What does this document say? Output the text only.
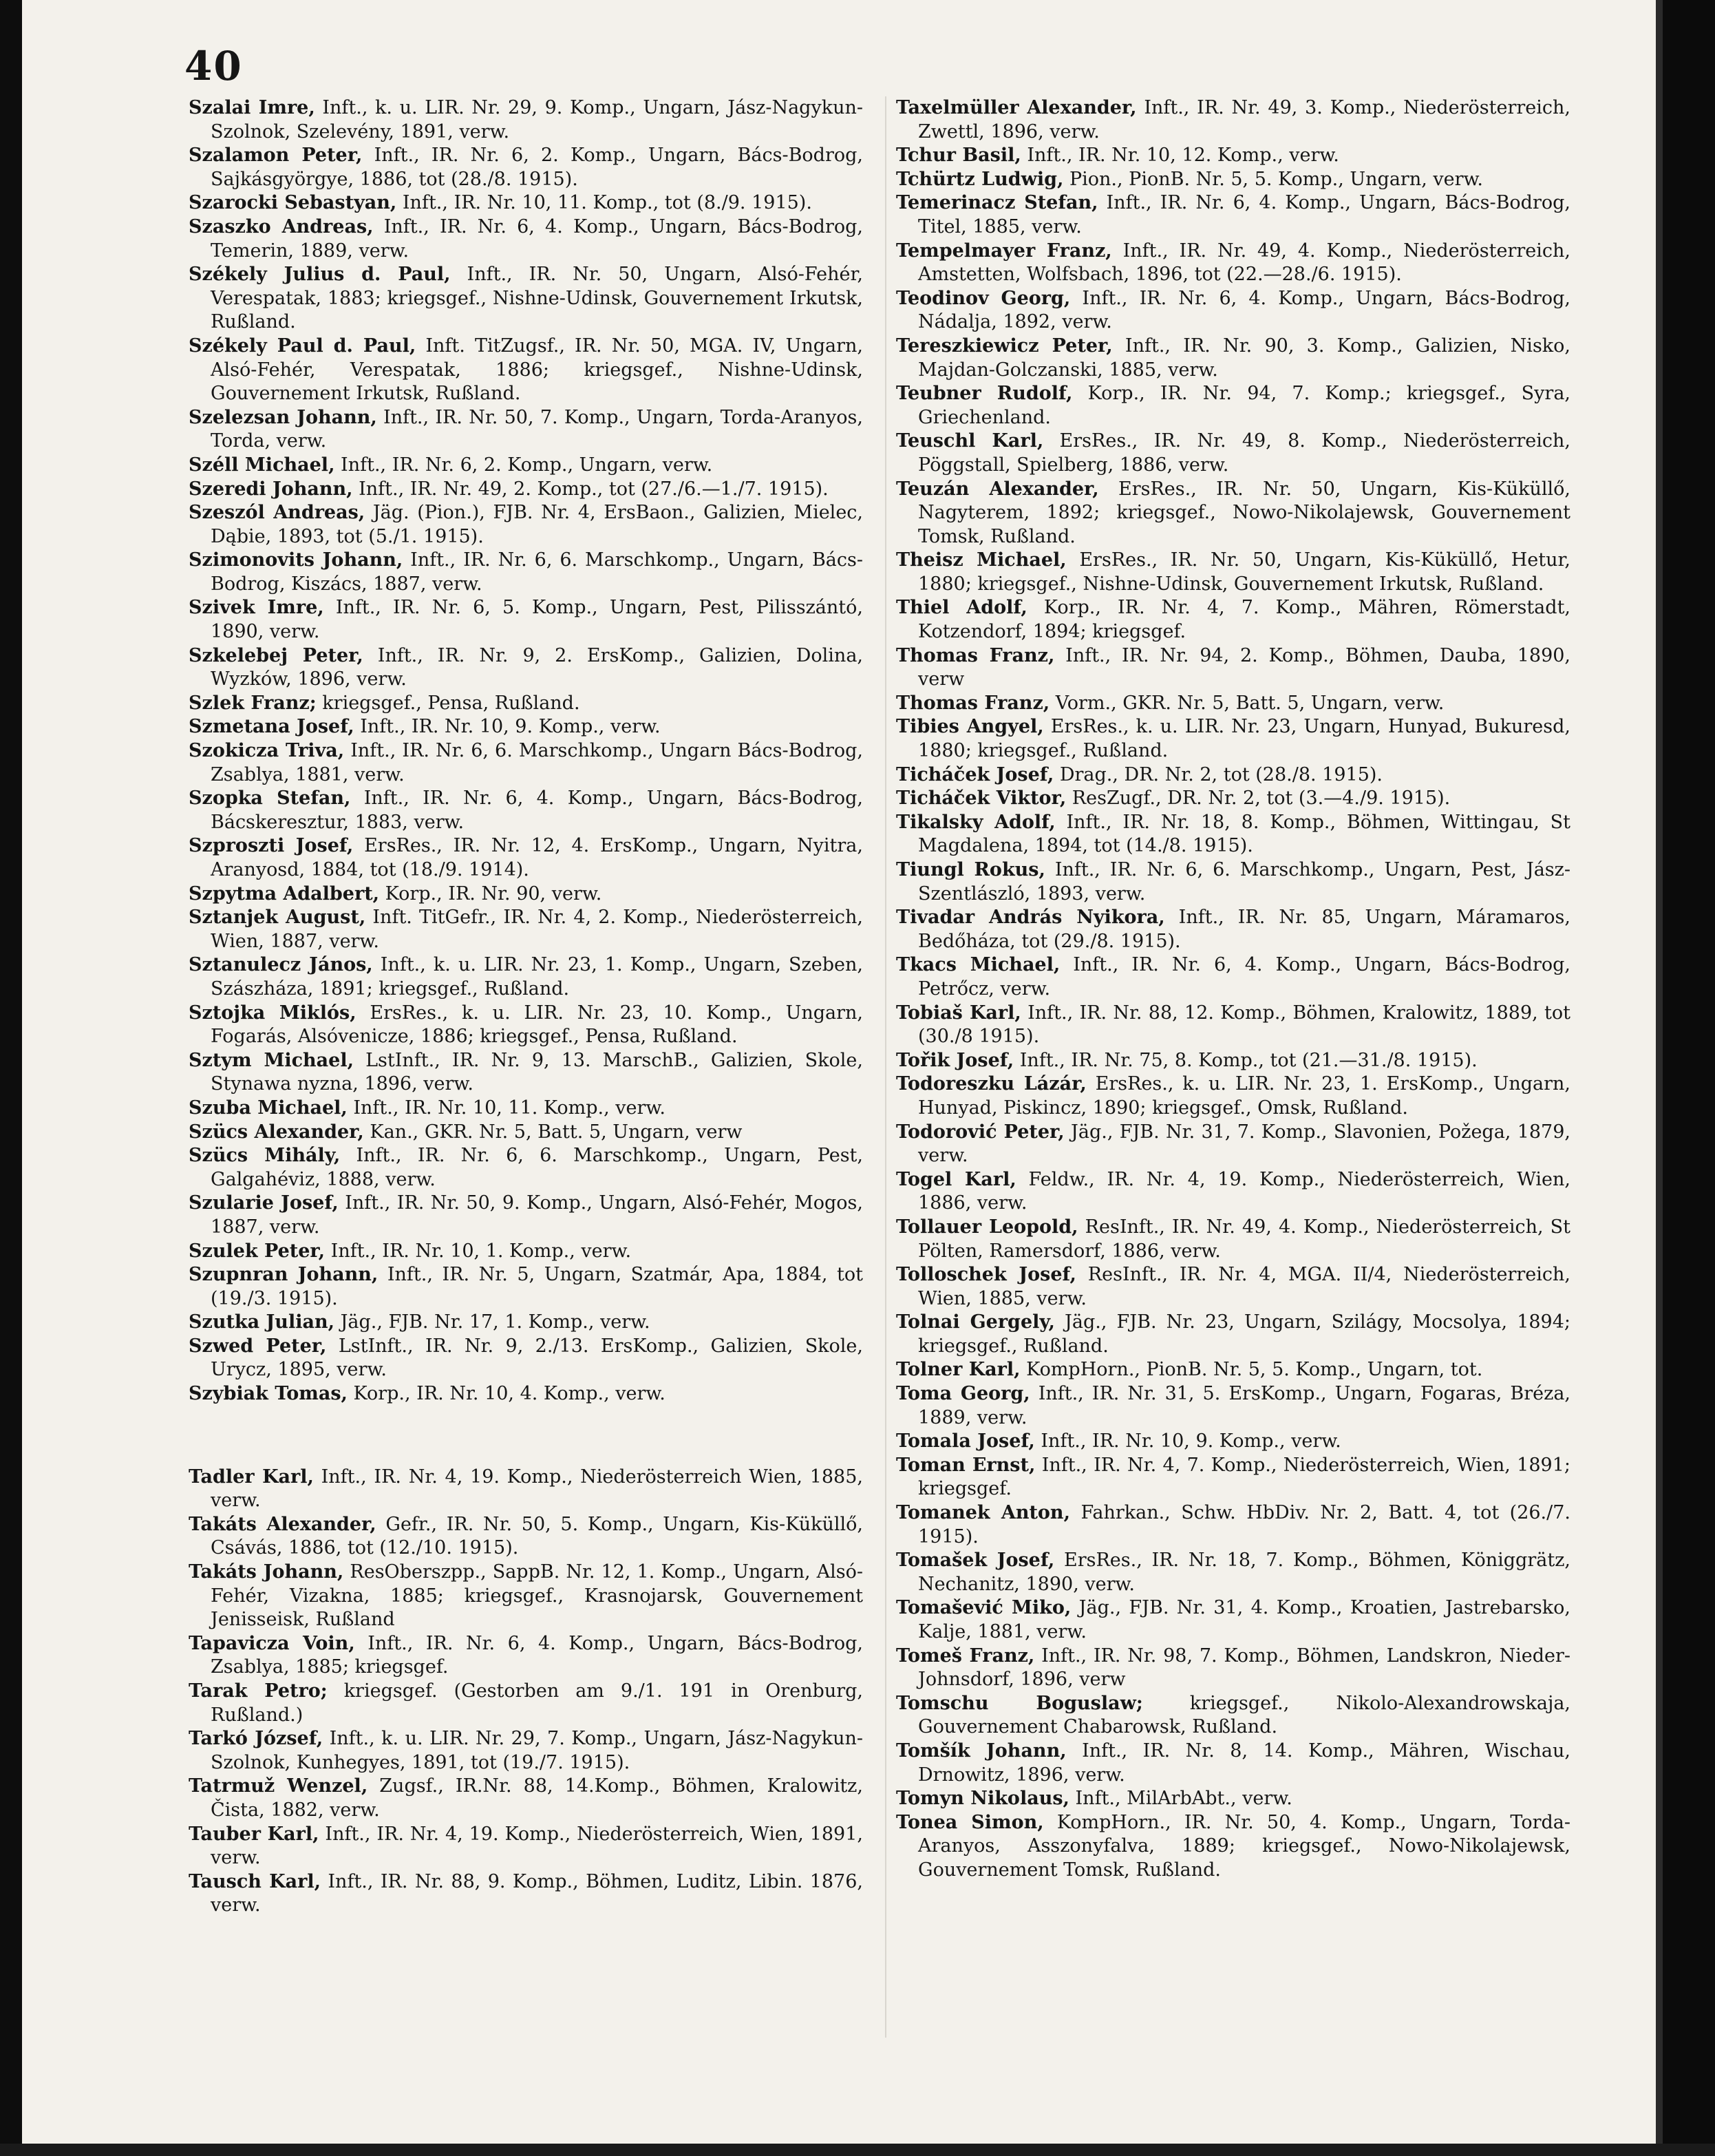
40

Szalai Imre, Inft., k. u. LIR. Nr. 29, 9. Komp., Ungarn, Jász-Nagykun-Szolnok, Szelevény, 1891, verw.

Szalamon Peter, Inft., IR. Nr. 6, 2. Komp., Ungarn, Bács-Bodrog, Sajkásgyörgye, 1886, tot (28./8. 1915).

Szarocki Sebastyan, Inft., IR. Nr. 10, 11. Komp., tot (8./9. 1915).

Szaszko Andreas, Inft., IR. Nr. 6, 4. Komp., Ungarn, Bács-Bodrog, Temerin, 1889, verw.

Székely Julius d. Paul, Inft., IR. Nr. 50, Ungarn, Alsó-Fehér, Verespatak, 1883; kriegsgef., Nishne-Udinsk, Gouvernement Irkutsk, Rußland.

Székely Paul d. Paul, Inft. TitZugsf., IR. Nr. 50, MGA. IV, Ungarn, Alsó-Fehér, Verespatak, 1886; kriegsgef., Nishne-Udinsk, Gouvernement Irkutsk, Rußland.

Szelezsan Johann, Inft., IR. Nr. 50, 7. Komp., Ungarn, Torda-Aranyos, Torda, verw.

Széll Michael, Inft., IR. Nr. 6, 2. Komp., Ungarn, verw.

Szeredi Johann, Inft., IR. Nr. 49, 2. Komp., tot (27./6.—1./7. 1915).

Szeszól Andreas, Jäg. (Pion.), FJB. Nr. 4, ErsBaon., Galizien, Mielec, Dąbie, 1893, tot (5./1. 1915).

Szimonovits Johann, Inft., IR. Nr. 6, 6. Marschkomp., Ungarn, Bács-Bodrog, Kiszács, 1887, verw.

Szivek Imre, Inft., IR. Nr. 6, 5. Komp., Ungarn, Pest, Pilisszántó, 1890, verw.

Szkelebej Peter, Inft., IR. Nr. 9, 2. ErsKomp., Galizien, Dolina, Wyzków, 1896, verw.

Szlek Franz; kriegsgef., Pensa, Rußland.

Szmetana Josef, Inft., IR. Nr. 10, 9. Komp., verw.

Szokicza Triva, Inft., IR. Nr. 6, 6. Marschkomp., Ungarn Bács-Bodrog, Zsablya, 1881, verw.

Szopka Stefan, Inft., IR. Nr. 6, 4. Komp., Ungarn, Bács-Bodrog, Bácskeresztur, 1883, verw.

Szproszti Josef, ErsRes., IR. Nr. 12, 4. ErsKomp., Ungarn, Nyitra, Aranyosd, 1884, tot (18./9. 1914).

Szpytma Adalbert, Korp., IR. Nr. 90, verw.

Sztanjek August, Inft. TitGefr., IR. Nr. 4, 2. Komp., Niederösterreich, Wien, 1887, verw.

Sztanulecz János, Inft., k. u. LIR. Nr. 23, 1. Komp., Ungarn, Szeben, Szászháza, 1891; kriegsgef., Rußland.

Sztojka Miklós, ErsRes., k. u. LIR. Nr. 23, 10. Komp., Ungarn, Fogarás, Alsóvenicze, 1886; kriegsgef., Pensa, Rußland.

Sztym Michael, LstInft., IR. Nr. 9, 13. MarschB., Galizien, Skole, Stynawa nyzna, 1896, verw.

Szuba Michael, Inft., IR. Nr. 10, 11. Komp., verw.

Szücs Alexander, Kan., GKR. Nr. 5, Batt. 5, Ungarn, verw

Szücs Mihály, Inft., IR. Nr. 6, 6. Marschkomp., Ungarn, Pest, Galgahéviz, 1888, verw.

Szularie Josef, Inft., IR. Nr. 50, 9. Komp., Ungarn, Alsó-Fehér, Mogos, 1887, verw.

Szulek Peter, Inft., IR. Nr. 10, 1. Komp., verw.

Szupnran Johann, Inft., IR. Nr. 5, Ungarn, Szatmár, Apa, 1884, tot (19./3. 1915).

Szutka Julian, Jäg., FJB. Nr. 17, 1. Komp., verw.

Szwed Peter, LstInft., IR. Nr. 9, 2./13. ErsKomp., Galizien, Skole, Urycz, 1895, verw.

Szybiak Tomas, Korp., IR. Nr. 10, 4. Komp., verw.

Tadler Karl, Inft., IR. Nr. 4, 19. Komp., Niederösterreich Wien, 1885, verw.

Takáts Alexander, Gefr., IR. Nr. 50, 5. Komp., Ungarn, Kis-Küküllő, Csávás, 1886, tot (12./10. 1915).

Takáts Johann, ResOberszpp., SappB. Nr. 12, 1. Komp., Ungarn, Alsó-Fehér, Vizakna, 1885; kriegsgef., Krasnojarsk, Gouvernement Jenisseisk, Rußland

Tapavicza Voin, Inft., IR. Nr. 6, 4. Komp., Ungarn, Bács-Bodrog, Zsablya, 1885; kriegsgef.

Tarak Petro; kriegsgef. (Gestorben am 9./1. 191 in Orenburg, Rußland.)

Tarkó József, Inft., k. u. LIR. Nr. 29, 7. Komp., Ungarn, Jász-Nagykun-Szolnok, Kunhegyes, 1891, tot (19./7. 1915).

Tatrmuž Wenzel, Zugsf., IR.Nr. 88, 14.Komp., Böhmen, Kralowitz, Čista, 1882, verw.

Tauber Karl, Inft., IR. Nr. 4, 19. Komp., Niederösterreich, Wien, 1891, verw.

Tausch Karl, Inft., IR. Nr. 88, 9. Komp., Böhmen, Luditz, Libin. 1876, verw.

Taxelmüller Alexander, Inft., IR. Nr. 49, 3. Komp., Niederösterreich, Zwettl, 1896, verw.

Tchur Basil, Inft., IR. Nr. 10, 12. Komp., verw.

Tchürtz Ludwig, Pion., PionB. Nr. 5, 5. Komp., Ungarn, verw.

Temerinacz Stefan, Inft., IR. Nr. 6, 4. Komp., Ungarn, Bács-Bodrog, Titel, 1885, verw.

Tempelmayer Franz, Inft., IR. Nr. 49, 4. Komp., Niederösterreich, Amstetten, Wolfsbach, 1896, tot (22.—28./6. 1915).

Teodinov Georg, Inft., IR. Nr. 6, 4. Komp., Ungarn, Bács-Bodrog, Nádalja, 1892, verw.

Tereszkiewicz Peter, Inft., IR. Nr. 90, 3. Komp., Galizien, Nisko, Majdan-Golczanski, 1885, verw.

Teubner Rudolf, Korp., IR. Nr. 94, 7. Komp.; kriegsgef., Syra, Griechenland.

Teuschl Karl, ErsRes., IR. Nr. 49, 8. Komp., Niederösterreich, Pöggstall, Spielberg, 1886, verw.

Teuzán Alexander, ErsRes., IR. Nr. 50, Ungarn, Kis-Küküllő, Nagyterem, 1892; kriegsgef., Nowo-Nikolajewsk, Gouvernement Tomsk, Rußland.

Theisz Michael, ErsRes., IR. Nr. 50, Ungarn, Kis-Küküllő, Hetur, 1880; kriegsgef., Nishne-Udinsk, Gouvernement Irkutsk, Rußland.

Thiel Adolf, Korp., IR. Nr. 4, 7. Komp., Mähren, Römerstadt, Kotzendorf, 1894; kriegsgef.

Thomas Franz, Inft., IR. Nr. 94, 2. Komp., Böhmen, Dauba, 1890, verw

Thomas Franz, Vorm., GKR. Nr. 5, Batt. 5, Ungarn, verw.

Tibies Angyel, ErsRes., k. u. LIR. Nr. 23, Ungarn, Hunyad, Bukuresd, 1880; kriegsgef., Rußland.

Ticháček Josef, Drag., DR. Nr. 2, tot (28./8. 1915).

Ticháček Viktor, ResZugf., DR. Nr. 2, tot (3.—4./9. 1915).

Tikalsky Adolf, Inft., IR. Nr. 18, 8. Komp., Böhmen, Wittingau, St Magdalena, 1894, tot (14./8. 1915).

Tiungl Rokus, Inft., IR. Nr. 6, 6. Marschkomp., Ungarn, Pest, Jász-Szentlászló, 1893, verw.

Tivadar András Nyikora, Inft., IR. Nr. 85, Ungarn, Máramaros, Bedőháza, tot (29./8. 1915).

Tkacs Michael, Inft., IR. Nr. 6, 4. Komp., Ungarn, Bács-Bodrog, Petrőcz, verw.

Tobiaš Karl, Inft., IR. Nr. 88, 12. Komp., Böhmen, Kralowitz, 1889, tot (30./8 1915).

Tořik Josef, Inft., IR. Nr. 75, 8. Komp., tot (21.—31./8. 1915).

Todoreszku Lázár, ErsRes., k. u. LIR. Nr. 23, 1. ErsKomp., Ungarn, Hunyad, Piskincz, 1890; kriegsgef., Omsk, Rußland.

Todorović Peter, Jäg., FJB. Nr. 31, 7. Komp., Slavonien, Požega, 1879, verw.

Togel Karl, Feldw., IR. Nr. 4, 19. Komp., Niederösterreich, Wien, 1886, verw.

Tollauer Leopold, ResInft., IR. Nr. 49, 4. Komp., Niederösterreich, St Pölten, Ramersdorf, 1886, verw.

Tolloschek Josef, ResInft., IR. Nr. 4, MGA. II/4, Niederösterreich, Wien, 1885, verw.

Tolnai Gergely, Jäg., FJB. Nr. 23, Ungarn, Szilágy, Mocsolya, 1894; kriegsgef., Rußland.

Tolner Karl, KompHorn., PionB. Nr. 5, 5. Komp., Ungarn, tot.

Toma Georg, Inft., IR. Nr. 31, 5. ErsKomp., Ungarn, Fogaras, Bréza, 1889, verw.

Tomala Josef, Inft., IR. Nr. 10, 9. Komp., verw.

Toman Ernst, Inft., IR. Nr. 4, 7. Komp., Niederösterreich, Wien, 1891; kriegsgef.

Tomanek Anton, Fahrkan., Schw. HbDiv. Nr. 2, Batt. 4, tot (26./7. 1915).

Tomašek Josef, ErsRes., IR. Nr. 18, 7. Komp., Böhmen, Königgrätz, Nechanitz, 1890, verw.

Tomašević Miko, Jäg., FJB. Nr. 31, 4. Komp., Kroatien, Jastrebarsko, Kalje, 1881, verw.

Tomeš Franz, Inft., IR. Nr. 98, 7. Komp., Böhmen, Landskron, Nieder-Johnsdorf, 1896, verw

Tomschu Boguslaw; kriegsgef., Nikolo-Alexandrowskaja, Gouvernement Chabarowsk, Rußland.

Tomšík Johann, Inft., IR. Nr. 8, 14. Komp., Mähren, Wischau, Drnowitz, 1896, verw.

Tomyn Nikolaus, Inft., MilArbAbt., verw.

Tonea Simon, KompHorn., IR. Nr. 50, 4. Komp., Ungarn, Torda-Aranyos, Asszonyfalva, 1889; kriegsgef., Nowo-Nikolajewsk, Gouvernement Tomsk, Rußland.
